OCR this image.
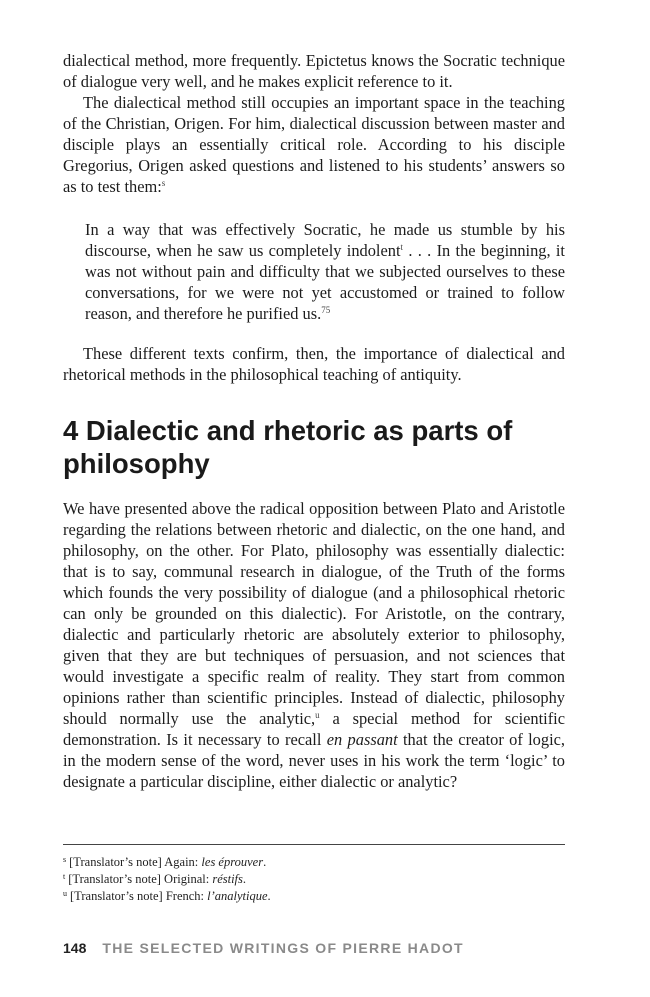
dialectical method, more frequently. Epictetus knows the Socratic technique of dialogue very well, and he makes explicit reference to it.

The dialectical method still occupies an important space in the teaching of the Christian, Origen. For him, dialectical discussion between master and disciple plays an essentially critical role. According to his disciple Gregorius, Origen asked questions and listened to his students’ answers so as to test them:$^s$

In a way that was effectively Socratic, he made us stumble by his discourse, when he saw us completely indolent$^t$ . . . In the beginning, it was not without pain and difficulty that we subjected ourselves to these conversations, for we were not yet accustomed or trained to follow reason, and therefore he purified us.$^{75}$

These different texts confirm, then, the importance of dialectical and rhetorical methods in the philosophical teaching of antiquity.

4 Dialectic and rhetoric as parts of philosophy

We have presented above the radical opposition between Plato and Aristotle regarding the relations between rhetoric and dialectic, on the one hand, and philosophy, on the other. For Plato, philosophy was essentially dialectic: that is to say, communal research in dialogue, of the Truth of the forms which founds the very possibility of dialogue (and a philosophical rhetoric can only be grounded on this dialectic). For Aristotle, on the contrary, dialectic and particularly rhetoric are absolutely exterior to philosophy, given that they are but techniques of persuasion, and not sciences that would investigate a specific realm of reality. They start from common opinions rather than scientific principles. Instead of dialectic, philosophy should normally use the analytic,$^u$ a special method for scientific demonstration. Is it necessary to recall en passant that the creator of logic, in the modern sense of the word, never uses in his work the term ‘logic’ to designate a particular discipline, either dialectic or analytic?

$^s$ [Translator’s note] Again: les éprouver.

$^t$ [Translator’s note] Original: réstifs.

$^u$ [Translator’s note] French: l’analytique.

148 THE SELECTED WRITINGS OF PIERRE HADOT
